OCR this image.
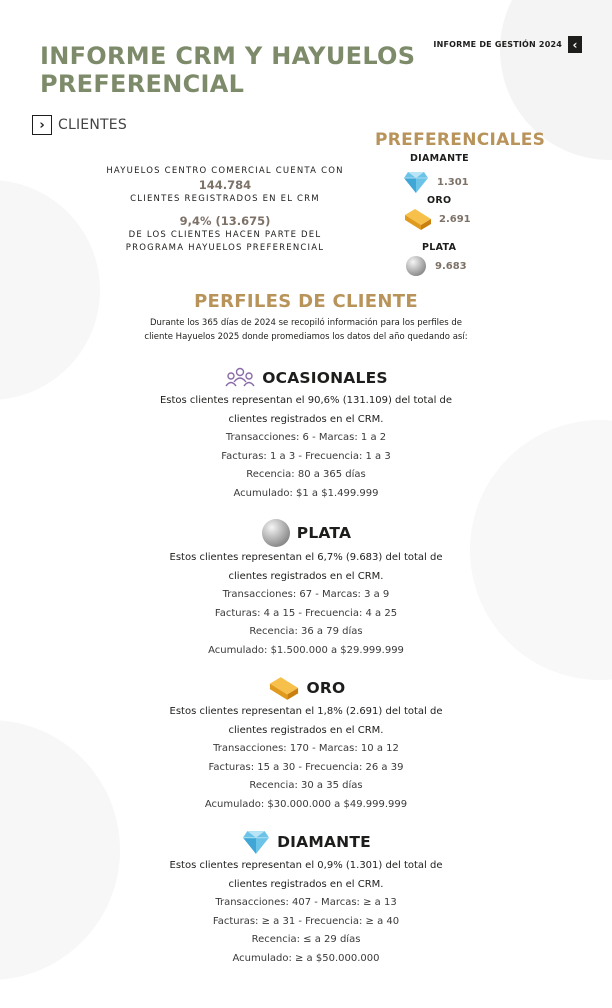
INFORME DE GESTIÓN 2024 ‹
INFORME CRM Y HAYUELOS
PREFERENCIAL
› CLIENTES
HAYUELOS CENTRO COMERCIAL CUENTA CON
144.784
CLIENTES REGISTRADOS EN EL CRM
9,4% (13.675)
DE LOS CLIENTES HACEN PARTE DEL
PROGRAMA HAYUELOS PREFERENCIAL
PREFERENCIALES
DIAMANTE
1.301
ORO
2.691
PLATA
9.683
PERFILES DE CLIENTE
Durante los 365 días de 2024 se recopiló información para los perfiles de
cliente Hayuelos 2025 donde promediamos los datos del año quedando así:
OCASIONALES
Estos clientes representan el 90,6% (131.109) del total de
clientes registrados en el CRM.
Transacciones: 6 - Marcas: 1 a 2
Facturas: 1 a 3 - Frecuencia: 1 a 3
Recencia: 80 a 365 días
Acumulado: $1 a $1.499.999
PLATA
Estos clientes representan el 6,7% (9.683) del total de
clientes registrados en el CRM.
Transacciones: 67 - Marcas: 3 a 9
Facturas: 4 a 15 - Frecuencia: 4 a 25
Recencia: 36 a 79 días
Acumulado: $1.500.000 a $29.999.999
ORO
Estos clientes representan el 1,8% (2.691) del total de
clientes registrados en el CRM.
Transacciones: 170 - Marcas: 10 a 12
Facturas: 15 a 30 - Frecuencia: 26 a 39
Recencia: 30 a 35 días
Acumulado: $30.000.000 a $49.999.999
DIAMANTE
Estos clientes representan el 0,9% (1.301) del total de
clientes registrados en el CRM.
Transacciones: 407 - Marcas: ≥ a 13
Facturas: ≥ a 31 - Frecuencia: ≥ a 40
Recencia: ≤ a 29 días
Acumulado: ≥ a $50.000.000
